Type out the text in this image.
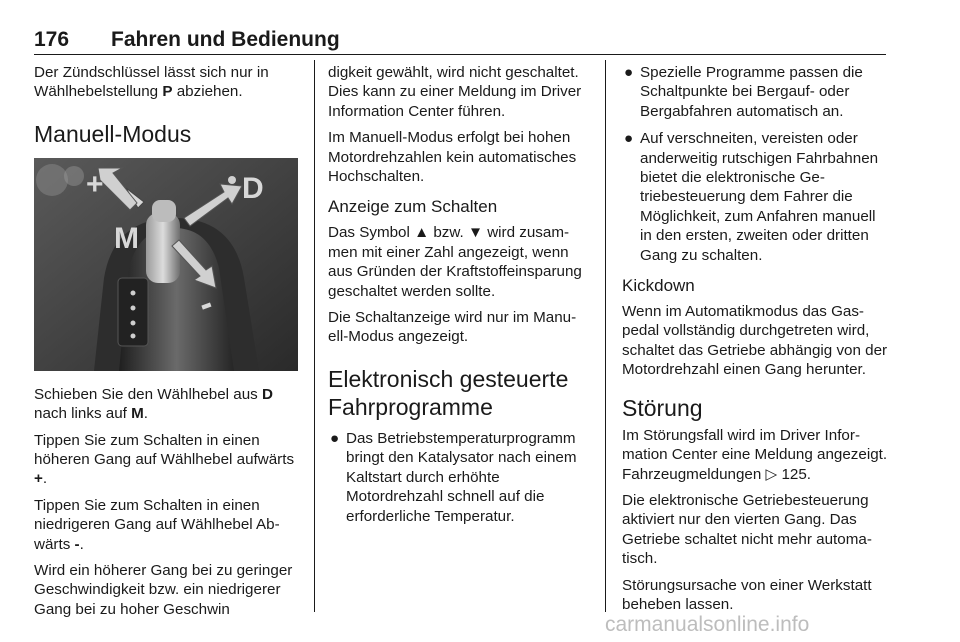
176 Fahren und Bedienung

Der Zündschlüssel lässt sich nur in Wählhebelstellung P abziehen.

Manuell-Modus
+
-
M
D

Schieben Sie den Wählhebel aus D nach links auf M.

Tippen Sie zum Schalten in einen höheren Gang auf Wählhebel aufwärts +.

Tippen Sie zum Schalten in einen niedrigeren Gang auf Wählhebel Abwärts -.

Wird ein höherer Gang bei zu geringer Geschwindigkeit bzw. ein niedrigerer Gang bei zu hoher Geschwin

digkeit gewählt, wird nicht geschaltet. Dies kann zu einer Meldung im Driver Information Center führen.

Im Manuell-Modus erfolgt bei hohen Motordrehzahlen kein automatisches Hochschalten.

Anzeige zum Schalten

Das Symbol ▲ bzw. ▼ wird zusammen mit einer Zahl angezeigt, wenn aus Gründen der Kraftstoffeinsparung geschaltet werden sollte.

Die Schaltanzeige wird nur im Manuell-Modus angezeigt.

Elektronisch gesteuerte Fahrprogramme
● Das Betriebstemperaturprogramm bringt den Katalysator nach einem Kaltstart durch erhöhte Motordrehzahl schnell auf die erforderliche Temperatur.
● Spezielle Programme passen die Schaltpunkte bei Bergauf- oder Bergabfahren automatisch an.
● Auf verschneiten, vereisten oder anderweitig rutschigen Fahrbahnen bietet die elektronische Getriebesteuerung dem Fahrer die Möglichkeit, zum Anfahren manuell in den ersten, zweiten oder dritten Gang zu schalten.
Kickdown

Wenn im Automatikmodus das Gaspedal vollständig durchgetreten wird, schaltet das Getriebe abhängig von der Motordrehzahl einen Gang herunter.

Störung

Im Störungsfall wird im Driver Information Center eine Meldung angezeigt. Fahrzeugmeldungen ▷ 125.

Die elektronische Getriebesteuerung aktiviert nur den vierten Gang. Das Getriebe schaltet nicht mehr automatisch.

Störungsursache von einer Werkstatt beheben lassen.

carmanualsonline.info
